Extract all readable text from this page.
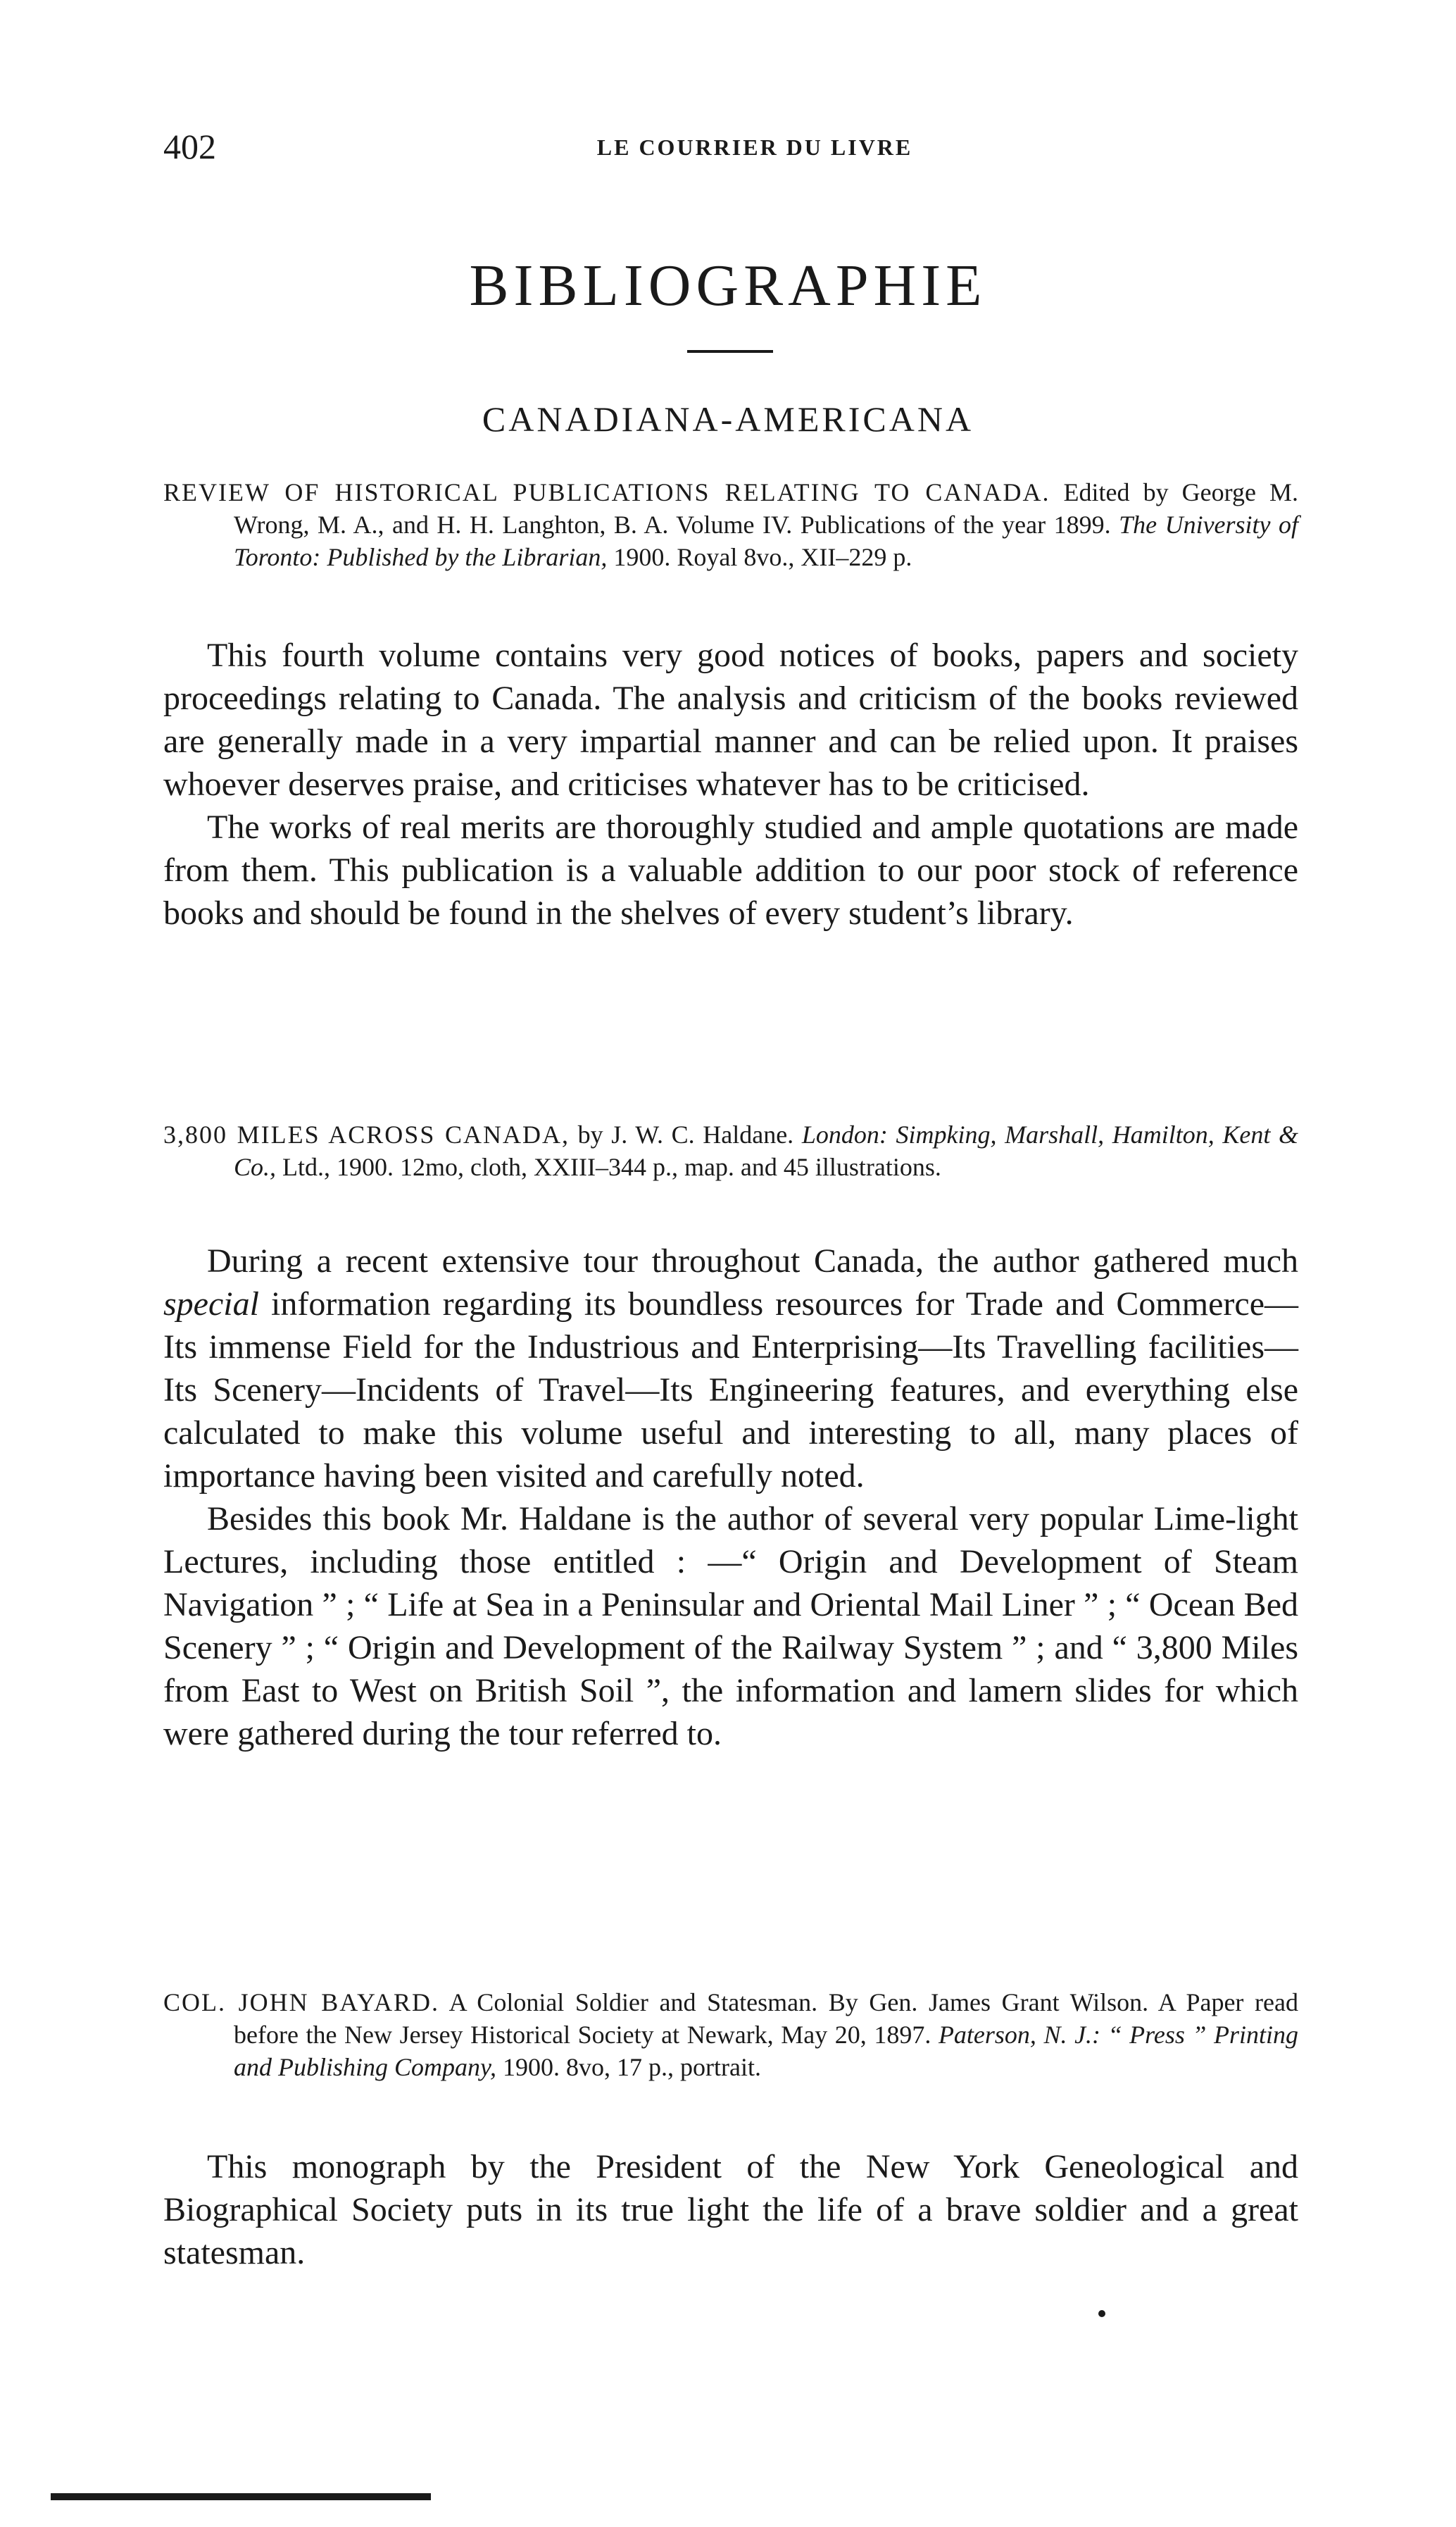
402	LE COURRIER DU LIVRE
BIBLIOGRAPHIE
CANADIANA-AMERICANA

REVIEW OF HISTORICAL PUBLICATIONS RELATING TO CANADA. Edited by George M. Wrong, M. A., and H. H. Langhton, B. A. Volume IV. Publications of the year 1899. The University of Toronto: Published by the Librarian, 1900. Royal 8vo., XII–229 p.

This fourth volume contains very good notices of books, papers and society proceedings relating to Canada. The analysis and criticism of the books reviewed are generally made in a very impartial manner and can be relied upon. It praises whoever deserves praise, and criticises whatever has to be criticised.

The works of real merits are thoroughly studied and ample quotations are made from them. This publication is a valuable addition to our poor stock of reference books and should be found in the shelves of every student’s library.

3,800 MILES ACROSS CANADA, by J. W. C. Haldane. London: Simpking, Marshall, Hamilton, Kent & Co., Ltd., 1900. 12mo, cloth, XXIII–344 p., map. and 45 illustrations.

During a recent extensive tour throughout Canada, the author gathered much special information regarding its boundless resources for Trade and Commerce—Its immense Field for the Industrious and Enterprising—Its Travelling facilities—Its Scenery—Incidents of Travel—Its Engineering features, and everything else calculated to make this volume useful and interesting to all, many places of importance having been visited and carefully noted.

Besides this book Mr. Haldane is the author of several very popular Lime-light Lectures, including those entitled : —“ Origin and Development of Steam Navigation ” ; “ Life at Sea in a Peninsular and Oriental Mail Liner ” ; “ Ocean Bed Scenery ” ; “ Origin and Development of the Railway System ” ; and “ 3,800 Miles from East to West on British Soil ”, the information and lamern slides for which were gathered during the tour referred to.

COL. JOHN BAYARD. A Colonial Soldier and Statesman. By Gen. James Grant Wilson. A Paper read before the New Jersey Historical Society at Newark, May 20, 1897. Paterson, N. J.: “ Press ” Printing and Publishing Company, 1900. 8vo, 17 p., portrait.

This monograph by the President of the New York Geneological and Biographical Society puts in its true light the life of a brave soldier and a great statesman.
